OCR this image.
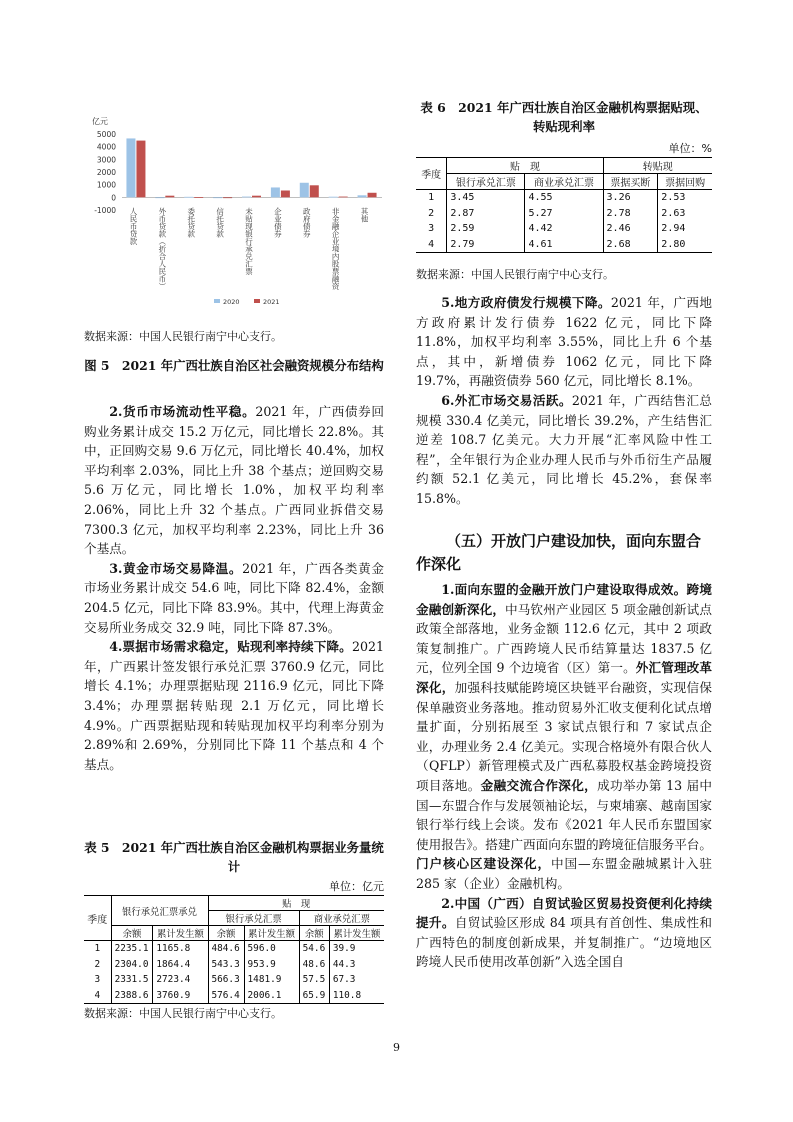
亿元
5000
4000
3000
2000
1000
0
-1000 人民币贷款	外币贷款（折合人民币）	委托贷款	信托贷款	未贴现银行承兑汇票	企业债券	政府债券	非金融企业境内股票融资	其他
2020	2021
数据来源：中国人民银行南宁中心支行。
图 5　2021 年广西壮族自治区社会融资规模分布结构

2.货币市场流动性平稳。2021 年，广西债券回购业务累计成交 15.2 万亿元，同比增长 22.8%。其中，正回购交易 9.6 万亿元，同比增长 40.4%，加权平均利率 2.03%，同比上升 38 个基点；逆回购交易 5.6 万亿元，同比增长 1.0%，加权平均利率 2.06%，同比上升 32 个基点。广西同业拆借交易 7300.3 亿元，加权平均利率 2.23%，同比上升 36 个基点。

3.黄金市场交易降温。2021 年，广西各类黄金市场业务累计成交 54.6 吨，同比下降 82.4%，金额 204.5 亿元，同比下降 83.9%。其中，代理上海黄金交易所业务成交 32.9 吨，同比下降 87.3%。

4.票据市场需求稳定，贴现利率持续下降。2021 年，广西累计签发银行承兑汇票 3760.9 亿元，同比增长 4.1%；办理票据贴现 2116.9 亿元，同比下降 3.4%；办理票据转贴现 2.1 万亿元，同比增长 4.9%。广西票据贴现和转贴现加权平均利率分别为 2.89%和 2.69%，分别同比下降 11 个基点和 4 个基点。

表 5　2021 年广西壮族自治区金融机构票据业务量统计
单位：亿元
季度	银行承兑汇票承兑		贴　现			
			银行承兑汇票		商业承兑汇票	
	余额	累计发生额	余额	累计发生额	余额	累计发生额
1	2235.1	1165.8	484.6	596.0	54.6	39.9
2	2304.0	1864.4	543.3	953.9	48.6	44.3
3	2331.5	2723.4	566.3	1481.9	57.5	67.3
4	2388.6	3760.9	576.4	2006.1	65.9	110.8
数据来源：中国人民银行南宁中心支行。
表 6　2021 年广西壮族自治区金融机构票据贴现、转贴现利率
单位：%
季度	贴　现		转贴现	
	银行承兑汇票	商业承兑汇票	票据买断	票据回购
1	3.45	4.55	3.26	2.53
2	2.87	5.27	2.78	2.63
3	2.59	4.42	2.46	2.94
4	2.79	4.61	2.68	2.80
数据来源：中国人民银行南宁中心支行。

5.地方政府债发行规模下降。2021 年，广西地方政府累计发行债券 1622 亿元，同比下降 11.8%，加权平均利率 3.55%，同比上升 6 个基点，其中，新增债券 1062 亿元，同比下降 19.7%，再融资债券 560 亿元，同比增长 8.1%。

6.外汇市场交易活跃。2021 年，广西结售汇总规模 330.4 亿美元，同比增长 39.2%，产生结售汇逆差 108.7 亿美元。大力开展“汇率风险中性工程”，全年银行为企业办理人民币与外币衍生产品履约额 52.1 亿美元，同比增长 45.2%，套保率 15.8%。

（五）开放门户建设加快，面向东盟合作深化

1.面向东盟的金融开放门户建设取得成效。跨境金融创新深化，中马钦州产业园区 5 项金融创新试点政策全部落地，业务金额 112.6 亿元，其中 2 项政策复制推广。广西跨境人民币结算量达 1837.5 亿元，位列全国 9 个边境省（区）第一。外汇管理改革深化，加强科技赋能跨境区块链平台融资，实现信保保单融资业务落地。推动贸易外汇收支便利化试点增量扩面，分别拓展至 3 家试点银行和 7 家试点企业，办理业务 2.4 亿美元。实现合格境外有限合伙人（QFLP）新管理模式及广西私募股权基金跨境投资项目落地。金融交流合作深化，成功举办第 13 届中国—东盟合作与发展领袖论坛，与柬埔寨、越南国家银行举行线上会谈。发布《2021 年人民币东盟国家使用报告》。搭建广西面向东盟的跨境征信服务平台。门户核心区建设深化，中国—东盟金融城累计入驻 285 家（企业）金融机构。

2.中国（广西）自贸试验区贸易投资便利化持续提升。自贸试验区形成 84 项具有首创性、集成性和广西特色的制度创新成果，并复制推广。“边境地区跨境人民币使用改革创新”入选全国自

9
